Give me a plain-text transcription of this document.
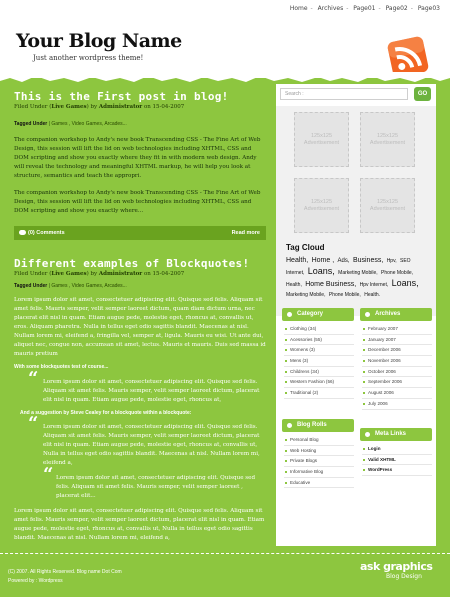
Home - Archives - Page01 - Page02 - Page03
Your Blog Name
Just another wordpress theme!
This is the First post in blog!
Filed Under (Live Games) by Administrator on 15-04-2007
Tagged Under | Games , Video Games, Arcades...
The companion workshop to Andy's new book Transcending CSS - The Fine Art of Web Design, this session will lift the lid on web technologies including XHTML, CSS and DOM scripting and show you exactly where they fit in with modern web design. Andy will reveal the technology and meaningful XHTML markup, he will help you look at structure, semantics and teach the appropri.
The companion workshop to Andy's new book Transcending CSS - The Fine Art of Web Design, this session will lift the lid on web technologies including XHTML, CSS and DOM scripting and show you exactly where...
(0) Comments	Read more
Different examples of Blockquotes!
Filed Under (Live Games) by Administrator on 15-04-2007
Tagged Under | Games , Video Games, Arcades...
Lorem ipsum dolor sit amet, consectetuer adipiscing elit. Quisque sed felis. Aliquam sit amet felis. Mauris semper, velit semper laoreet dictum, quam diam dictum urna, nec placerat elit nisl in quam. Etiam augue pede, molestie eget, rhoncus at, convallis ut, eros. Aliquam pharetra. Nulla in tellus eget odio sagittis blandit. Maecenas at nisl. Nullam lorem mi, eleifend a, fringilla vel, semper at, ligula. Mauris eu wisi. Ut ante dui, aliquet nec, congue non, accumsan sit amet, lectus. Mauris et mauris. Duis sed massa id mauris pretium
With some blockquotes test of course...
“ Lorem ipsum dolor sit amet, consectetuer adipiscing elit. Quisque sed felis. Aliquam sit amet felis. Mauris semper, velit semper laoreet dictum, placerat elit nisl in quam. Etiam augue pede, molestie eget, rhoncus at,
And a suggestion by Steve Cealey for a blockquote within a blockquote:
“ Lorem ipsum dolor sit amet, consectetuer adipiscing elit. Quisque sed felis. Aliquam sit amet felis. Mauris semper, velit semper laoreet dictum, placerat elit nisl in quam. Etiam augue pede, molestie eget, rhoncus at, convallis ut, Nulla in tellus eget odio sagittis blandit. Maecenas at nisl. Nullam lorem mi, eleifend a,
“ Lorem ipsum dolor sit amet, consectetuer adipiscing elit. Quisque sed felis. Aliquam sit amet felis. Mauris semper, velit semper laoreet , placerat elit...
Lorem ipsum dolor sit amet, consectetuer adipiscing elit. Quisque sed felis. Aliquam sit amet felis. Mauris semper, velit semper laoreet dictum, placerat elit nisl in quam. Etiam augue pede, molestie eget, rhoncus at, convallis ut, Nulla in tellus eget odio sagittis blandit. Maecenas at nisl. Nullam lorem mi, eleifend a,
Search :	GO
125x125
Advertisement
125x125
Advertisement
125x125
Advertisement
125x125
Advertisement
Tag Cloud
Health, Home , Ads, Business, Hpv, SEO Internet, Loans, Marketing Mobile, Phone Mobile, Health, Home Business, Hpv Internet, Loans, Marketing Mobile, Phone Mobile, Health.
Category
Clothing (34)
Acessories (55)
Womens (3)
Mens (3)
Childrens (34)
Western Fashion (56)
Traditional (2)
Archives
February 2007
January 2007
December 2006
November 2006
October 2006
September 2006
August 2006
July 2006
Blog Rolls
Personal Blog
Web Hosting
Private Blogs
Informative Blog
Educative
Meta Links
Login
Valid XHTML
WordPress
(C) 2007. All Rights Reserved. Blog name Dot Com
Powered by : Wordpress
ask graphics
Blog Design
